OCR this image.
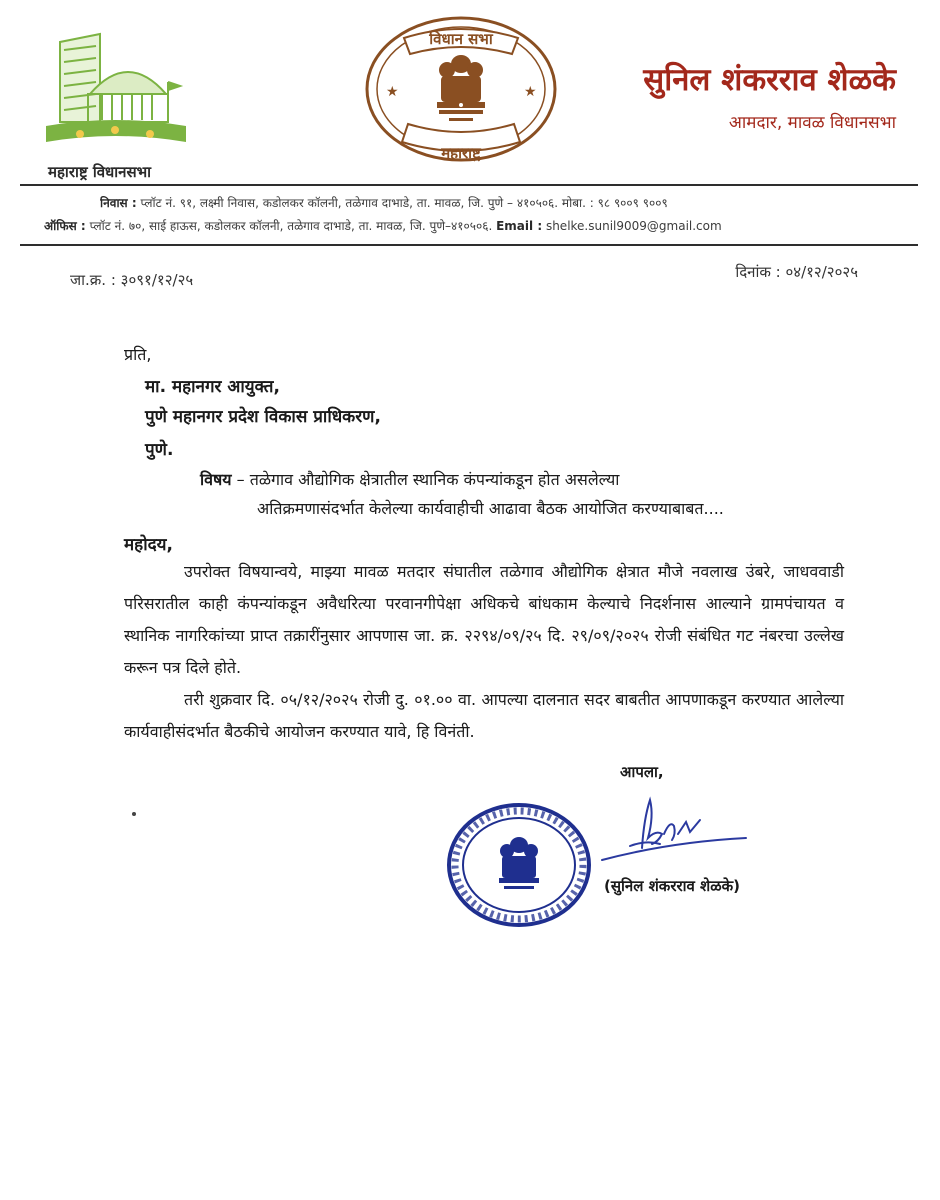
महाराष्ट्र विधानसभा
★	★
विधान सभा
महाराष्ट्र
सुनिल शंकरराव शेळके
आमदार, मावळ विधानसभा
निवास : प्लॉट नं. ९१, लक्ष्मी निवास, कडोलकर कॉलनी, तळेगाव दाभाडे, ता. मावळ, जि. पुणे – ४१०५०६. मोबा. : ९८ ९००९ ९००९
ऑफिस : प्लॉट नं. ७०, साई हाऊस, कडोलकर कॉलनी, तळेगाव दाभाडे, ता. मावळ, जि. पुणे–४१०५०६. Email : shelke.sunil9009@gmail.com
जा.क्र. : ३०९१/१२/२५	दिनांक : ०४/१२/२०२५
प्रति,
मा. महानगर आयुक्त,
पुणे महानगर प्रदेश विकास प्राधिकरण,
पुणे.
विषय – तळेगाव औद्योगिक क्षेत्रातील स्थानिक कंपन्यांकडून होत असलेल्या
अतिक्रमणासंदर्भात केलेल्या कार्यवाहीची आढावा बैठक आयोजित करण्याबाबत....
महोदय,
उपरोक्त विषयान्वये, माझ्या मावळ मतदार संघातील तळेगाव औद्योगिक क्षेत्रात मौजे नवलाख उंबरे, जाधववाडी परिसरातील काही कंपन्यांकडून अवैधरित्या परवानगीपेक्षा अधिकचे बांधकाम केल्याचे निदर्शनास आल्याने ग्रामपंचायत व स्थानिक नागरिकांच्या प्राप्त तक्रारींनुसार आपणास जा. क्र. २२९४/०९/२५ दि. २९/०९/२०२५ रोजी संबंधित गट नंबरचा उल्लेख करून पत्र दिले होते.
तरी शुक्रवार दि. ०५/१२/२०२५ रोजी दु. ०१.०० वा. आपल्या दालनात सदर बाबतीत आपणाकडून करण्यात आलेल्या कार्यवाहीसंदर्भात बैठकीचे आयोजन करण्यात यावे, हि विनंती.
आपला,
(सुनिल शंकरराव शेळके)
